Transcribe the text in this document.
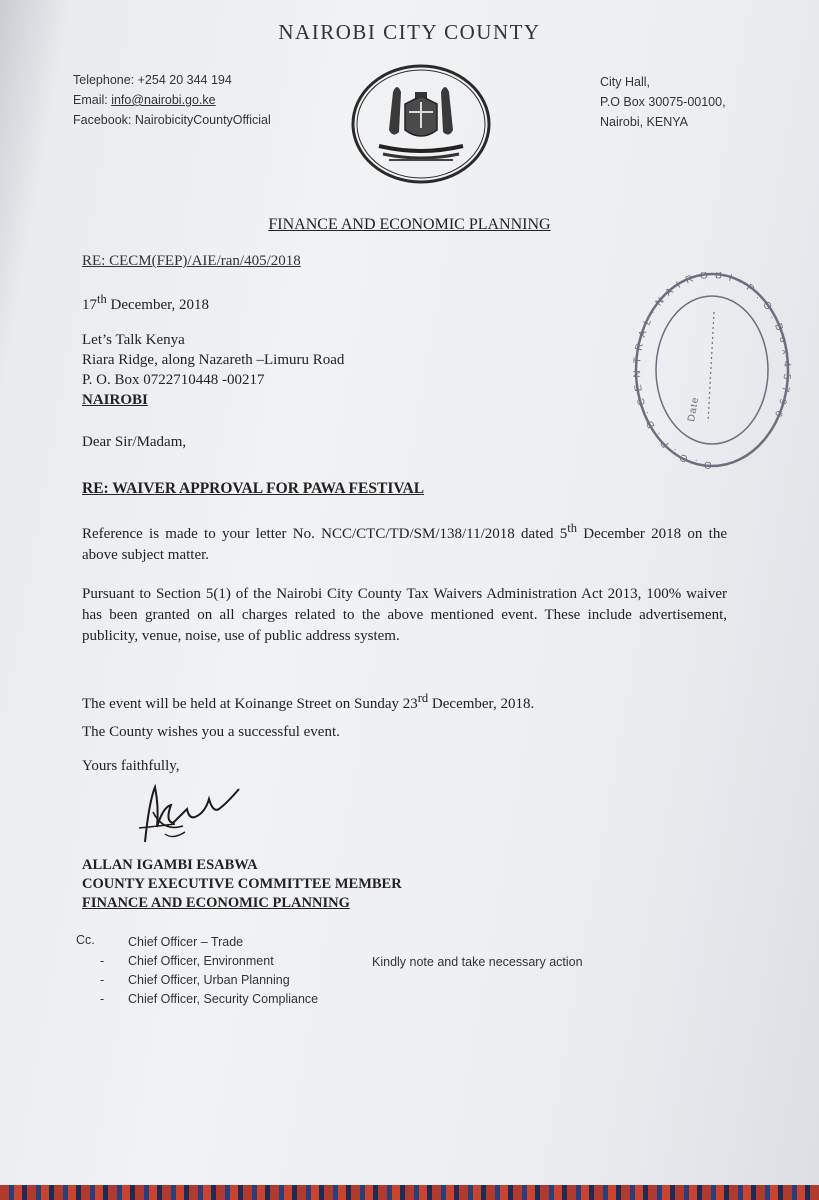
NAIROBI CITY COUNTY
Telephone: +254 20 344 194
Email: info@nairobi.go.ke
Facebook: NairobicityCountyOfficial
City Hall,
P.O Box 30075-00100,
Nairobi, KENYA
FINANCE AND ECONOMIC PLANNING
RE: CECM(FEP)/AIE/ran/405/2018
17th December, 2018
Let’s Talk Kenya
Riara Ridge, along Nazareth –Limuru Road
P. O. Box 0722710448 -00217
NAIROBI
Dear Sir/Madam,
RE: WAIVER APPROVAL FOR PAWA FESTIVAL
Reference is made to your letter No. NCC/CTC/TD/SM/138/11/2018 dated 5th December 2018 on the above subject matter.
Pursuant to Section 5(1) of the Nairobi City County Tax Waivers Administration Act 2013, 100% waiver has been granted on all charges related to the above mentioned event. These include advertisement, publicity, venue, noise, use of public address system.
The event will be held at Koinange Street on Sunday 23rd December, 2018.
The County wishes you a successful event.
Yours faithfully,
ALLAN IGAMBI ESABWA
COUNTY EXECUTIVE COMMITTEE MEMBER
FINANCE AND ECONOMIC PLANNING
Cc.	Chief Officer – Trade
- Chief Officer, Environment
- Chief Officer, Urban Planning
- Chief Officer, Security Compliance
Kindly note and take necessary action
O . C . P . D . C E N T R A L · N A I R O B I · P . O . B o x 4 5 7 9 6
Date
